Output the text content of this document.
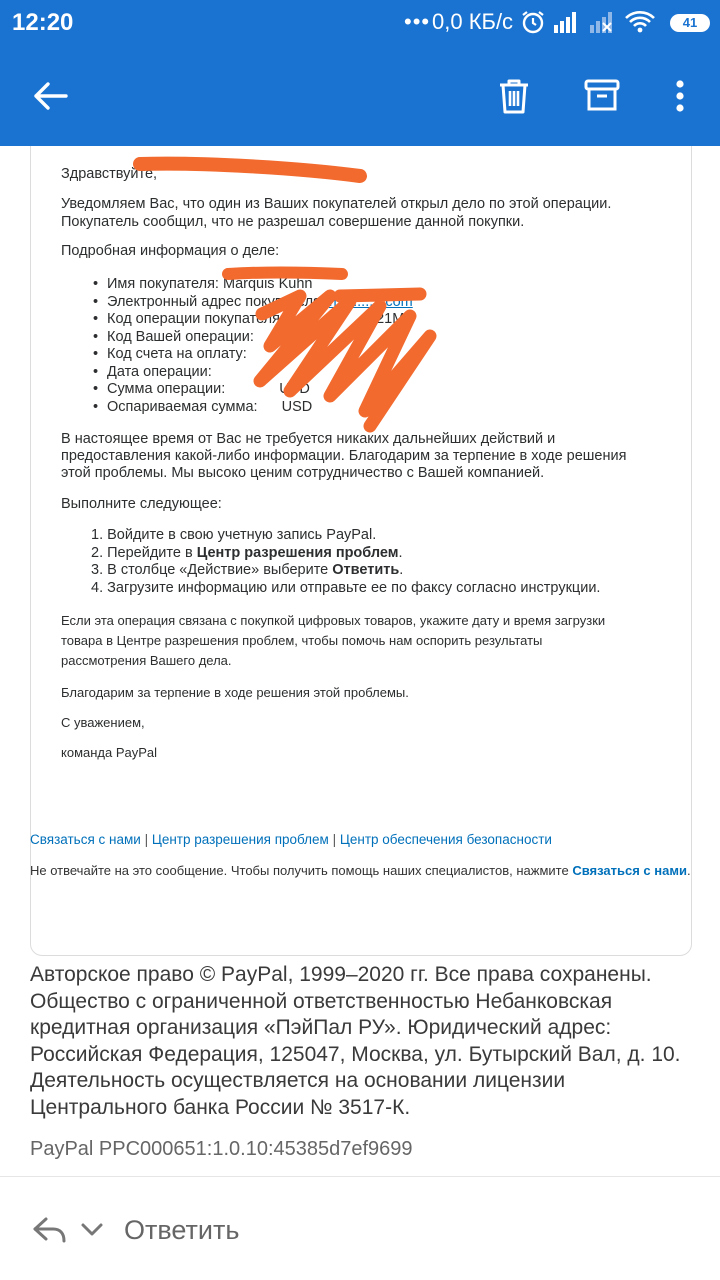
12:20	••• 0,0 КБ/с	41
Здравствуйте,
Уведомляем Вас, что один из Ваших покупателей открыл дело по этой операции.
Покупатель сообщил, что не разрешал совершение данной покупки.
Подробная информация о деле:
• Имя покупателя: Marquis Kuhn
• Электронный адрес покупателя: m...........com
• Код операции покупателя:	421M
• Код Вашей операции:
• Код счета на оплату:
• Дата операции:
• Сумма операции:	USD
• Оспариваемая сумма: USD
В настоящее время от Вас не требуется никаких дальнейших действий и
предоставления какой-либо информации. Благодарим за терпение в ходе решения
этой проблемы. Мы высоко ценим сотрудничество с Вашей компанией.
Выполните следующее:
1. Войдите в свою учетную запись PayPal.
2. Перейдите в Центр разрешения проблем.
3. В столбце «Действие» выберите Ответить.
4. Загрузите информацию или отправьте ее по факсу согласно инструкции.
Если эта операция связана с покупкой цифровых товаров, укажите дату и время загрузки
товара в Центре разрешения проблем, чтобы помочь нам оспорить результаты
рассмотрения Вашего дела.
Благодарим за терпение в ходе решения этой проблемы.
С уважением,
команда PayPal
Связаться с нами | Центр разрешения проблем | Центр обеспечения безопасности
Не отвечайте на это сообщение. Чтобы получить помощь наших специалистов, нажмите Связаться с нами.
Авторское право © PayPal, 1999–2020 гг. Все права сохранены. Общество с ограниченной ответственностью Небанковская кредитная организация «ПэйПал РУ». Юридический адрес: Российская Федерация, 125047, Москва, ул. Бутырский Вал, д. 10. Деятельность осуществляется на основании лицензии Центрального банка России № 3517-К.
PayPal PPC000651:1.0.10:45385d7ef9699
Ответить
